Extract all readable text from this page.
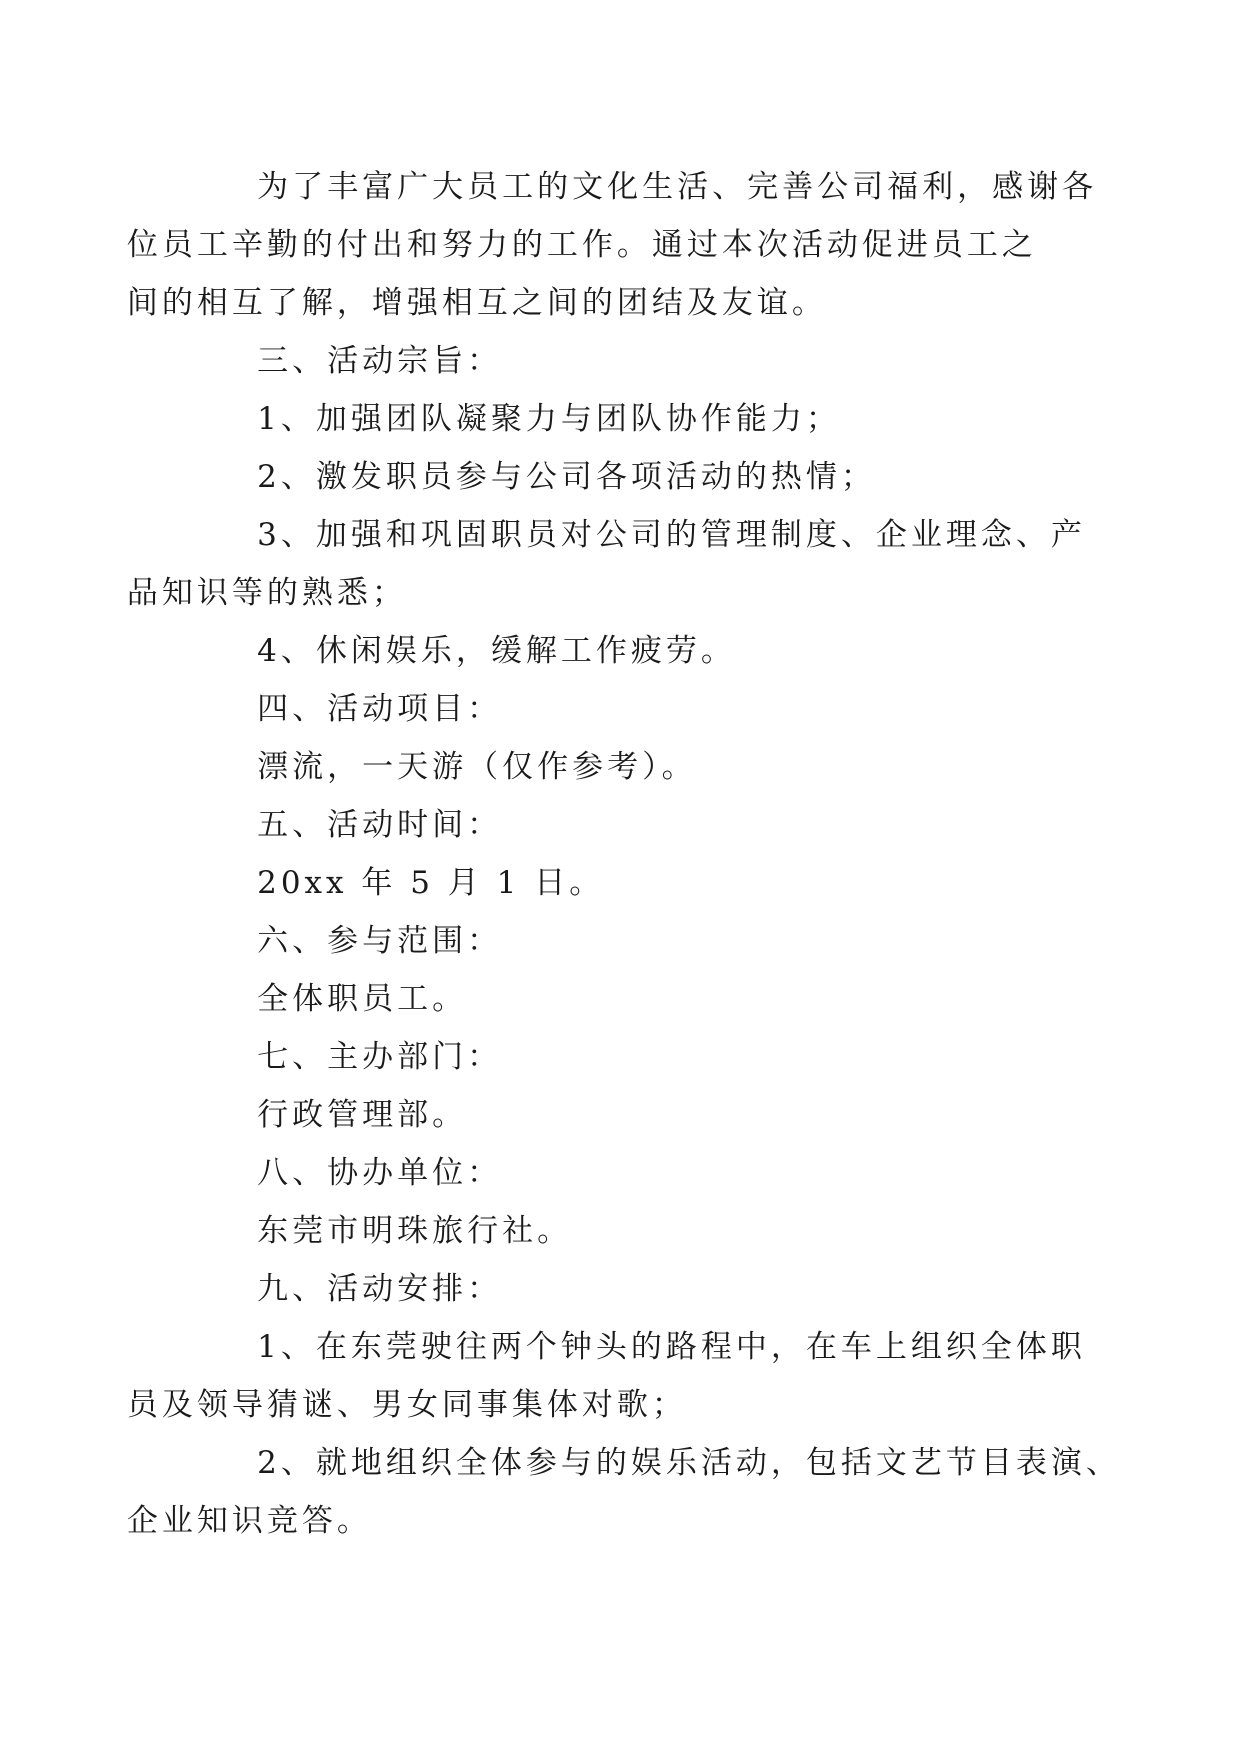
为了丰富广大员工的文化生活、完善公司福利，感谢各
位员工辛勤的付出和努力的工作。通过本次活动促进员工之
间的相互了解，增强相互之间的团结及友谊。

三、活动宗旨：

1、加强团队凝聚力与团队协作能力；

2、激发职员参与公司各项活动的热情；

3、加强和巩固职员对公司的管理制度、企业理念、产
品知识等的熟悉；

4、休闲娱乐，缓解工作疲劳。

四、活动项目：

漂流，一天游（仅作参考）。

五、活动时间：

20xx 年 5 月 1 日。

六、参与范围：

全体职员工。

七、主办部门：

行政管理部。

八、协办单位：

东莞市明珠旅行社。

九、活动安排：

1、在东莞驶往两个钟头的路程中，在车上组织全体职
员及领导猜谜、男女同事集体对歌；

2、就地组织全体参与的娱乐活动，包括文艺节目表演、
企业知识竞答。
